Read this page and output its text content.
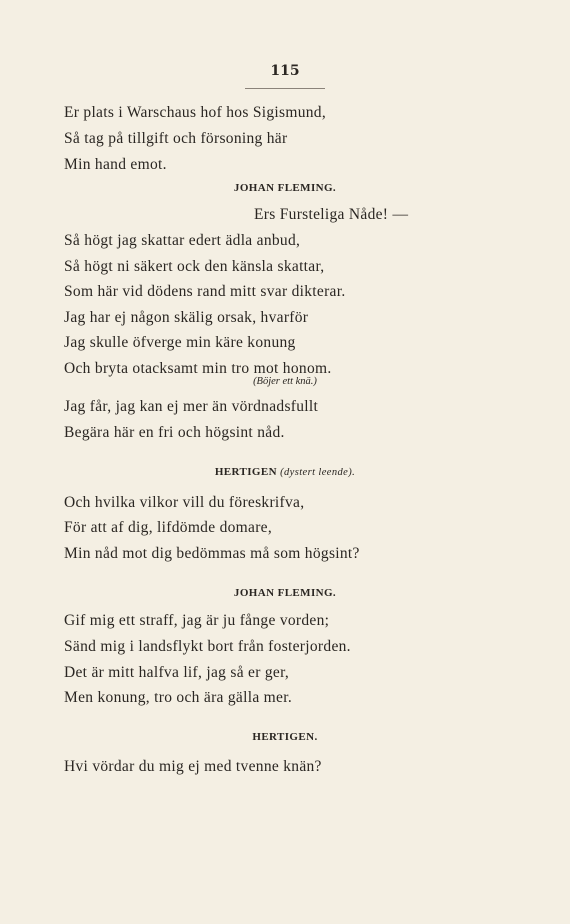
115
Er plats i Warschaus hof hos Sigismund,
Så tag på tillgift och försoning här
Min hand emot.
JOHAN FLEMING.
Ers Fursteliga Nåde! —
Så högt jag skattar edert ädla anbud,
Så högt ni säkert ock den känsla skattar,
Som här vid dödens rand mitt svar dikterar.
Jag har ej någon skälig orsak, hvarför
Jag skulle öfverge min käre konung
Och bryta otacksamt min tro mot honom.
(Böjer ett knä.)
Jag får, jag kan ej mer än vördnadsfullt
Begära här en fri och högsint nåd.
HERTIGEN (dystert leende).
Och hvilka vilkor vill du föreskrifva,
För att af dig, lifdömde domare,
Min nåd mot dig bedömmas må som högsint?
JOHAN FLEMING.
Gif mig ett straff, jag är ju fånge vorden;
Sänd mig i landsflykt bort från fosterjorden.
Det är mitt halfva lif, jag så er ger,
Men konung, tro och ära gälla mer.
HERTIGEN.
Hvi vördar du mig ej med tvenne knän?
